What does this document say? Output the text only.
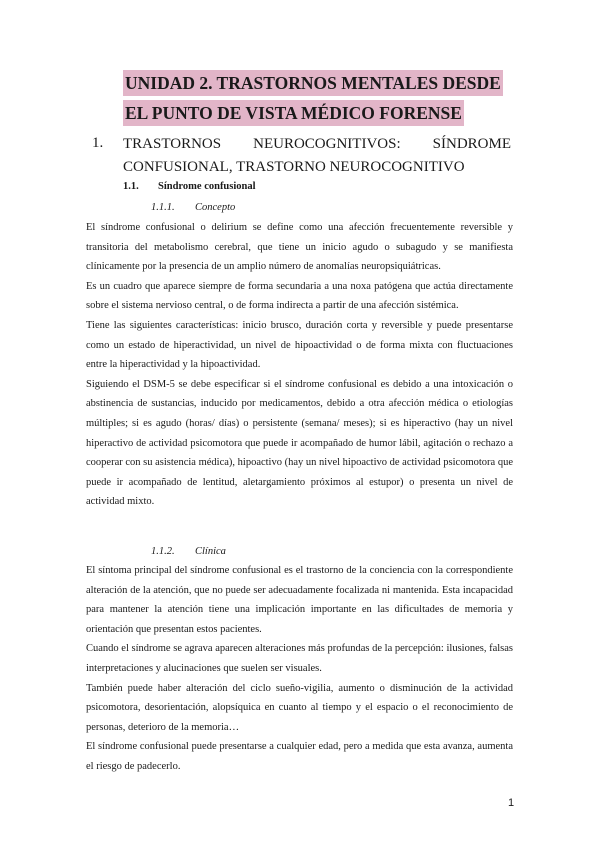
UNIDAD 2. TRASTORNOS MENTALES DESDE
EL PUNTO DE VISTA MÉDICO FORENSE
1. TRASTORNOS NEUROCOGNITIVOS: SÍNDROME CONFUSIONAL, TRASTORNO NEUROCOGNITIVO
1.1. Síndrome confusional
1.1.1. Concepto

El síndrome confusional o delirium se define como una afección frecuentemente reversible y transitoria del metabolismo cerebral, que tiene un inicio agudo o subagudo y se manifiesta clínicamente por la presencia de un amplio número de anomalías neuropsiquiátricas.

Es un cuadro que aparece siempre de forma secundaria a una noxa patógena que actúa directamente sobre el sistema nervioso central, o de forma indirecta a partir de una afección sistémica.

Tiene las siguientes características: inicio brusco, duración corta y reversible y puede presentarse como un estado de hiperactividad, un nivel de hipoactividad o de forma mixta con fluctuaciones entre la hiperactividad y la hipoactividad.

Siguiendo el DSM-5 se debe especificar si el síndrome confusional es debido a una intoxicación o abstinencia de sustancias, inducido por medicamentos, debido a otra afección médica o etiologías múltiples; si es agudo (horas/ días) o persistente (semana/ meses); si es hiperactivo (hay un nivel hiperactivo de actividad psicomotora que puede ir acompañado de humor lábil, agitación o rechazo a cooperar con su asistencia médica), hipoactivo (hay un nivel hipoactivo de actividad psicomotora que puede ir acompañado de lentitud, aletargamiento próximos al estupor) o presenta un nivel de actividad mixto.

1.1.2. Clínica

El síntoma principal del síndrome confusional es el trastorno de la conciencia con la correspondiente alteración de la atención, que no puede ser adecuadamente focalizada ni mantenida. Esta incapacidad para mantener la atención tiene una implicación importante en las dificultades de memoria y orientación que presentan estos pacientes.

Cuando el síndrome se agrava aparecen alteraciones más profundas de la percepción: ilusiones, falsas interpretaciones y alucinaciones que suelen ser visuales.

También puede haber alteración del ciclo sueño-vigilia, aumento o disminución de la actividad psicomotora, desorientación, alopsíquica en cuanto al tiempo y el espacio o el reconocimiento de personas, deterioro de la memoria…

El síndrome confusional puede presentarse a cualquier edad, pero a medida que esta avanza, aumenta el riesgo de padecerlo.

1
